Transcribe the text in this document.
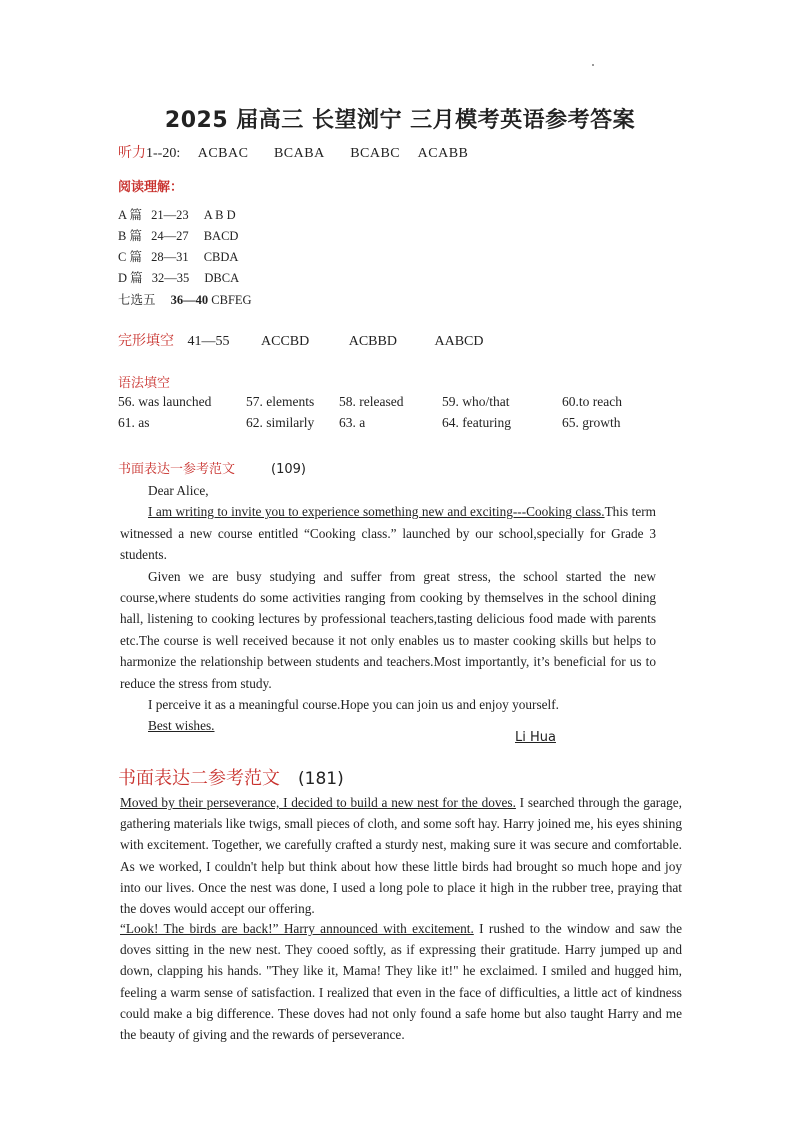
2025 届高三 长望浏宁 三月模考英语参考答案
听力1--20: ACBAC BCABA BCABC ACABB
阅读理解：
A 篇 21—23 A B D
B 篇 24—27 BACD
C 篇 28—31 CBDA
D 篇 32—35 DBCA
七选五 36—40 CBFEG
完形填空 41—55 ACCBD	ACBBD	AABCD
语法填空
56. was launched	57. elements 58. released	59. who/that	60.to reach
61. as	62. similarly 63. a	64. featuring	65. growth
书面表达一参考范文	(109)

Dear Alice,

I am writing to invite you to experience something new and exciting---Cooking class.This term witnessed a new course entitled “Cooking class.” launched by our school,specially for Grade 3 students.

Given we are busy studying and suffer from great stress, the school started the new course,where students do some activities ranging from cooking by themselves in the school dining hall, listening to cooking lectures by professional teachers,tasting delicious food made with parents etc.The course is well received because it not only enables us to master cooking skills but helps to harmonize the relationship between students and teachers.Most importantly, it’s beneficial for us to reduce the stress from study.

I perceive it as a meaningful course.Hope you can join us and enjoy yourself.

Best wishes.

Li Hua
书面表达二参考范文 (181)

Moved by their perseverance, I decided to build a new nest for the doves. I searched through the garage, gathering materials like twigs, small pieces of cloth, and some soft hay. Harry joined me, his eyes shining with excitement. Together, we carefully crafted a sturdy nest, making sure it was secure and comfortable. As we worked, I couldn't help but think about how these little birds had brought so much hope and joy into our lives. Once the nest was done, I used a long pole to place it high in the rubber tree, praying that the doves would accept our offering.

“Look! The birds are back!” Harry announced with excitement. I rushed to the window and saw the doves sitting in the new nest. They cooed softly, as if expressing their gratitude. Harry jumped up and down, clapping his hands. "They like it, Mama! They like it!" he exclaimed. I smiled and hugged him, feeling a warm sense of satisfaction. I realized that even in the face of difficulties, a little act of kindness could make a big difference. These doves had not only found a safe home but also taught Harry and me the beauty of giving and the rewards of perseverance.
